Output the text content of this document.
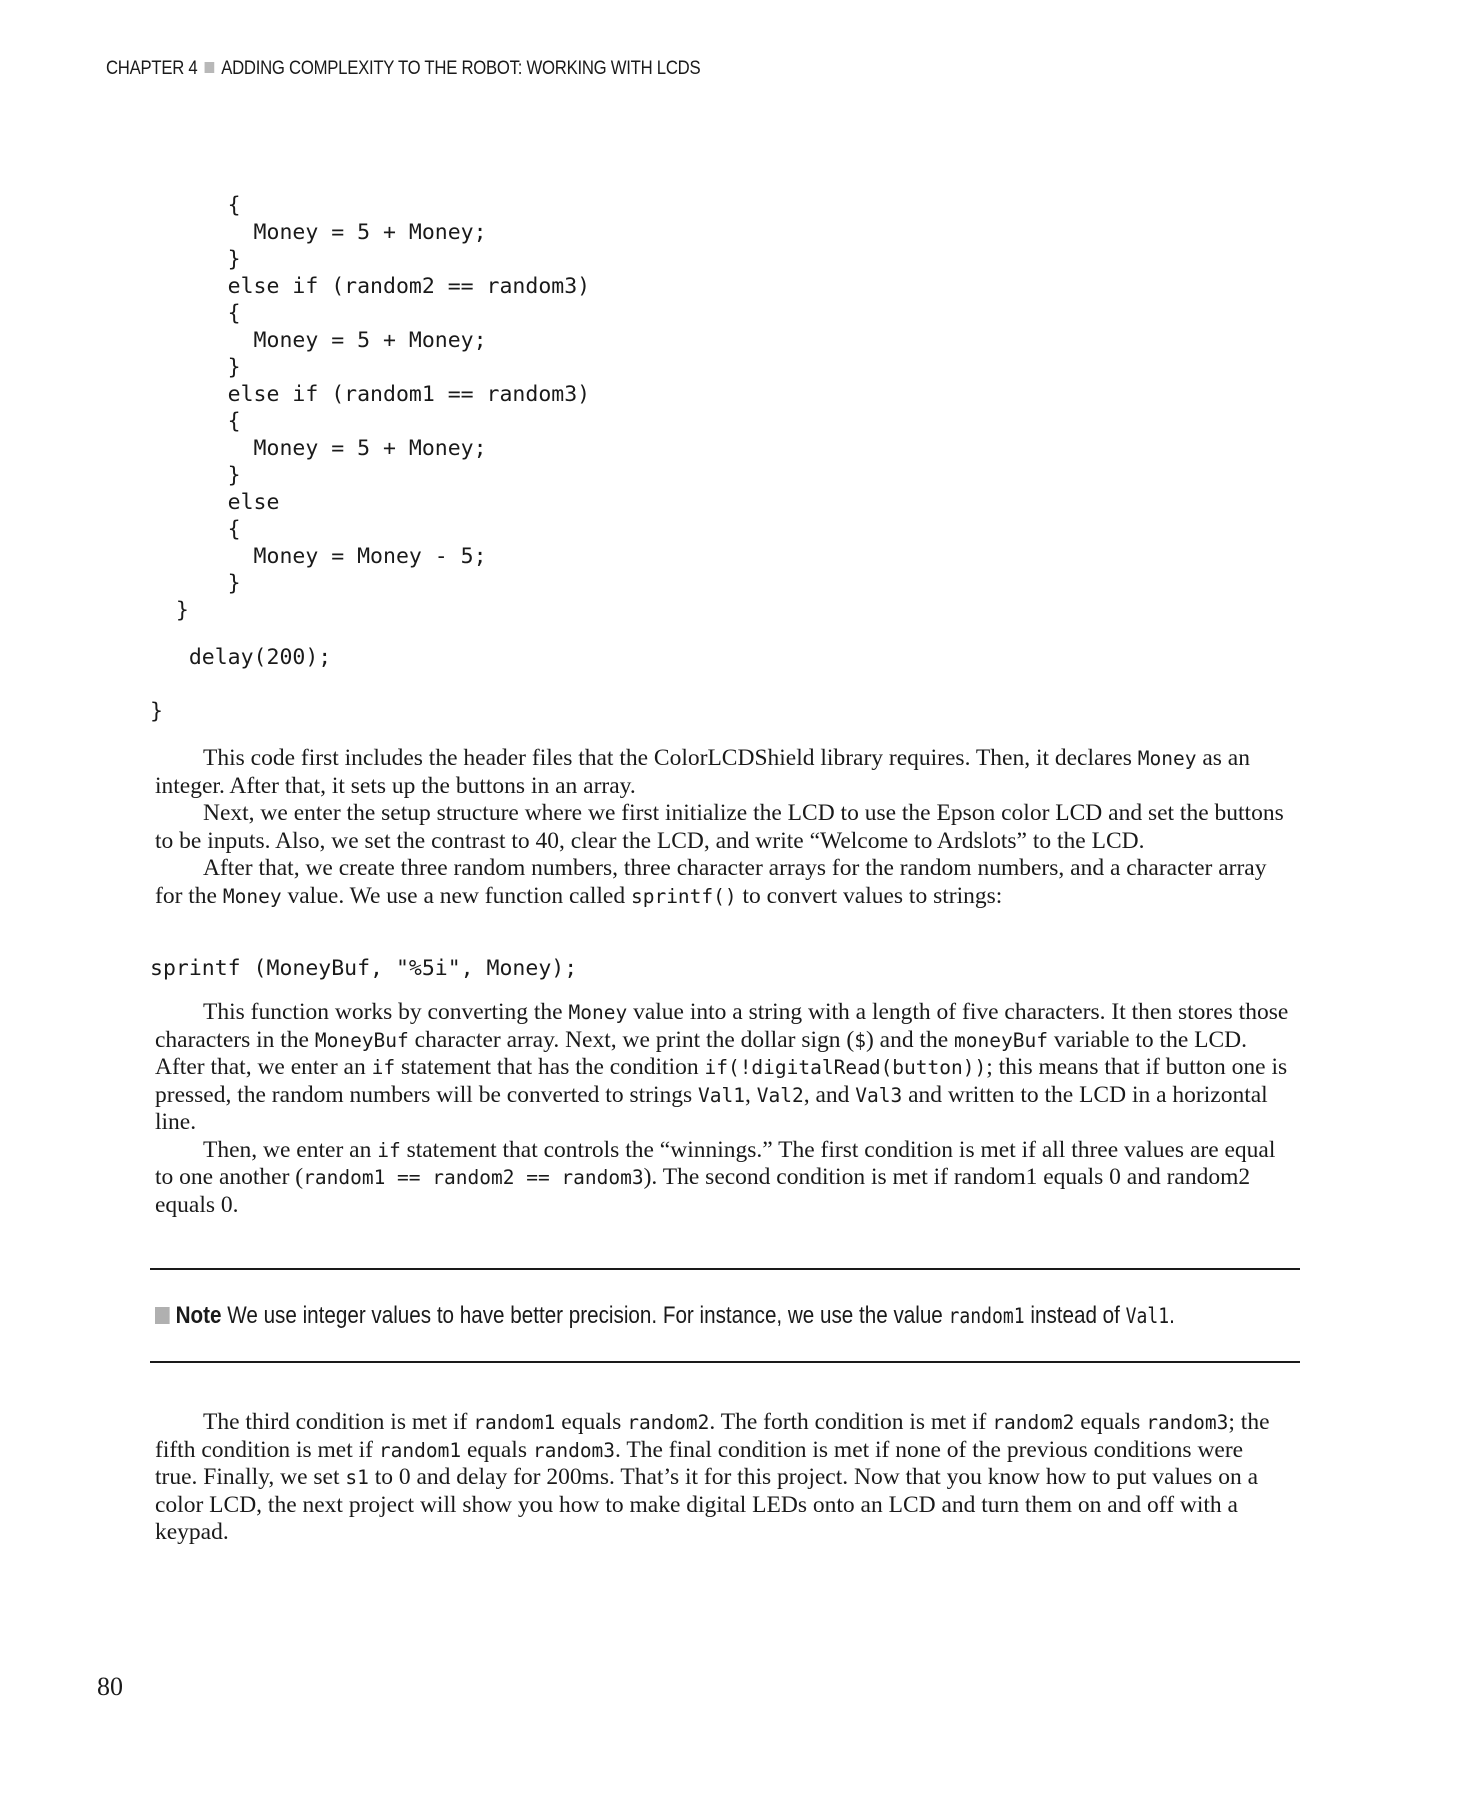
CHAPTER 4 ADDING COMPLEXITY TO THE ROBOT: WORKING WITH LCDS
{
Money = 5 + Money;
}
else if (random2 == random3)
{
Money = 5 + Money;
}
else if (random1 == random3)
{
Money = 5 + Money;
}
else
{
Money = Money - 5;
}
}
delay(200);
}

This code first includes the header files that the ColorLCDShield library requires. Then, it declares Money as an integer. After that, it sets up the buttons in an array.

Next, we enter the setup structure where we first initialize the LCD to use the Epson color LCD and set the buttons to be inputs. Also, we set the contrast to 40, clear the LCD, and write “Welcome to Ardslots” to the LCD.

After that, we create three random numbers, three character arrays for the random numbers, and a character array for the Money value. We use a new function called sprintf() to convert values to strings:

sprintf (MoneyBuf, "%5i", Money);

This function works by converting the Money value into a string with a length of five characters. It then stores those characters in the MoneyBuf character array. Next, we print the dollar sign ($) and the moneyBuf variable to the LCD. After that, we enter an if statement that has the condition if(!digitalRead(button)); this means that if button one is pressed, the random numbers will be converted to strings Val1, Val2, and Val3 and written to the LCD in a horizontal line.

Then, we enter an if statement that controls the “winnings.” The first condition is met if all three values are equal to one another (random1 == random2 == random3). The second condition is met if random1 equals 0 and random2 equals 0.

Note We use integer values to have better precision. For instance, we use the value random1 instead of Val1.

The third condition is met if random1 equals random2. The forth condition is met if random2 equals random3; the fifth condition is met if random1 equals random3. The final condition is met if none of the previous conditions were true. Finally, we set s1 to 0 and delay for 200ms. That’s it for this project. Now that you know how to put values on a color LCD, the next project will show you how to make digital LEDs onto an LCD and turn them on and off with a keypad.

80
